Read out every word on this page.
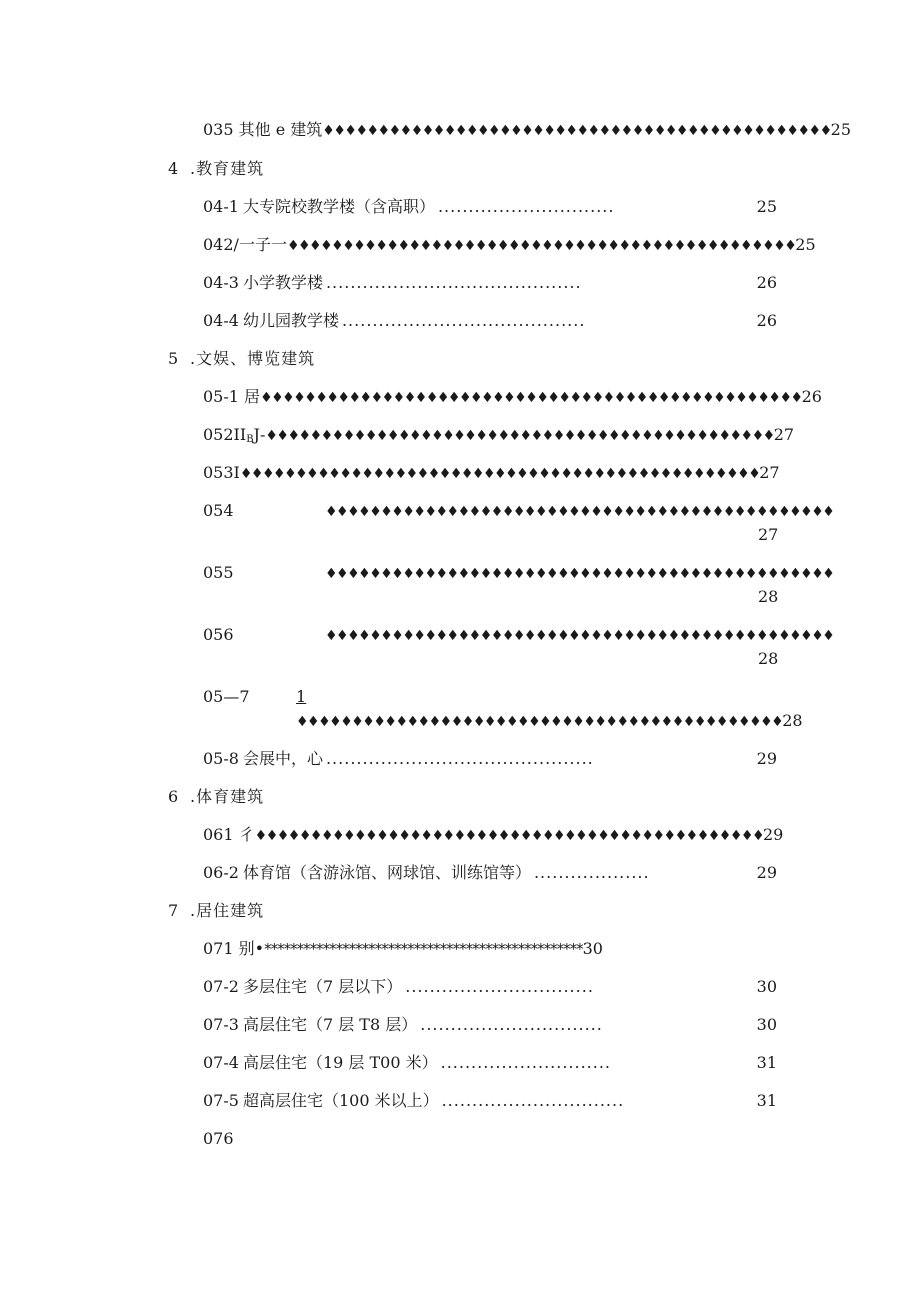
035 其他 e 建筑♦♦♦♦♦♦♦♦♦♦♦♦♦♦♦♦♦♦♦♦♦♦♦♦♦♦♦♦♦♦♦♦♦♦♦♦♦♦♦♦♦♦♦♦♦♦25
4 .教育建筑
04-1 大专院校教学楼（含高职） .............................	25
042/一子一♦♦♦♦♦♦♦♦♦♦♦♦♦♦♦♦♦♦♦♦♦♦♦♦♦♦♦♦♦♦♦♦♦♦♦♦♦♦♦♦♦♦♦♦♦♦25
04-3 小学教学楼 ..........................................	26
04-4 幼儿园教学楼 ........................................	26
5 .文娱、博览建筑
05-1 居♦♦♦♦♦♦♦♦♦♦♦♦♦♦♦♦♦♦♦♦♦♦♦♦♦♦♦♦♦♦♦♦♦♦♦♦♦♦♦♦♦♦♦♦♦♦♦♦♦26
$052II_BJ-♦♦♦♦♦♦♦♦♦♦♦♦♦♦♦♦♦♦♦♦♦♦♦♦♦♦♦♦♦♦♦♦♦♦♦♦♦♦♦♦♦♦♦♦♦♦27$
053I♦♦♦♦♦♦♦♦♦♦♦♦♦♦♦♦♦♦♦♦♦♦♦♦♦♦♦♦♦♦♦♦♦♦♦♦♦♦♦♦♦♦♦♦♦♦♦27
054	♦♦♦♦♦♦♦♦♦♦♦♦♦♦♦♦♦♦♦♦♦♦♦♦♦♦♦♦♦♦♦♦♦♦♦♦♦♦♦♦♦♦♦♦♦♦
27
055	♦♦♦♦♦♦♦♦♦♦♦♦♦♦♦♦♦♦♦♦♦♦♦♦♦♦♦♦♦♦♦♦♦♦♦♦♦♦♦♦♦♦♦♦♦♦
28
056	♦♦♦♦♦♦♦♦♦♦♦♦♦♦♦♦♦♦♦♦♦♦♦♦♦♦♦♦♦♦♦♦♦♦♦♦♦♦♦♦♦♦♦♦♦♦
28
05—7	1
♦♦♦♦♦♦♦♦♦♦♦♦♦♦♦♦♦♦♦♦♦♦♦♦♦♦♦♦♦♦♦♦♦♦♦♦♦♦♦♦♦♦♦♦28
05-8 会展中，心 ............................................	29
6 .体育建筑
061 彳♦♦♦♦♦♦♦♦♦♦♦♦♦♦♦♦♦♦♦♦♦♦♦♦♦♦♦♦♦♦♦♦♦♦♦♦♦♦♦♦♦♦♦♦♦♦29
06-2 体育馆（含游泳馆、网球馆、训练馆等） ...................	29
7 .居住建筑
071 别•*************************************************30
07-2 多层住宅（7 层以下） ...............................	30
07-3 高层住宅（7 层 T8 层） ..............................	30
07-4 高层住宅（19 层 T00 米） ............................	31
07-5 超高层住宅（100 米以上） ..............................	31
076
